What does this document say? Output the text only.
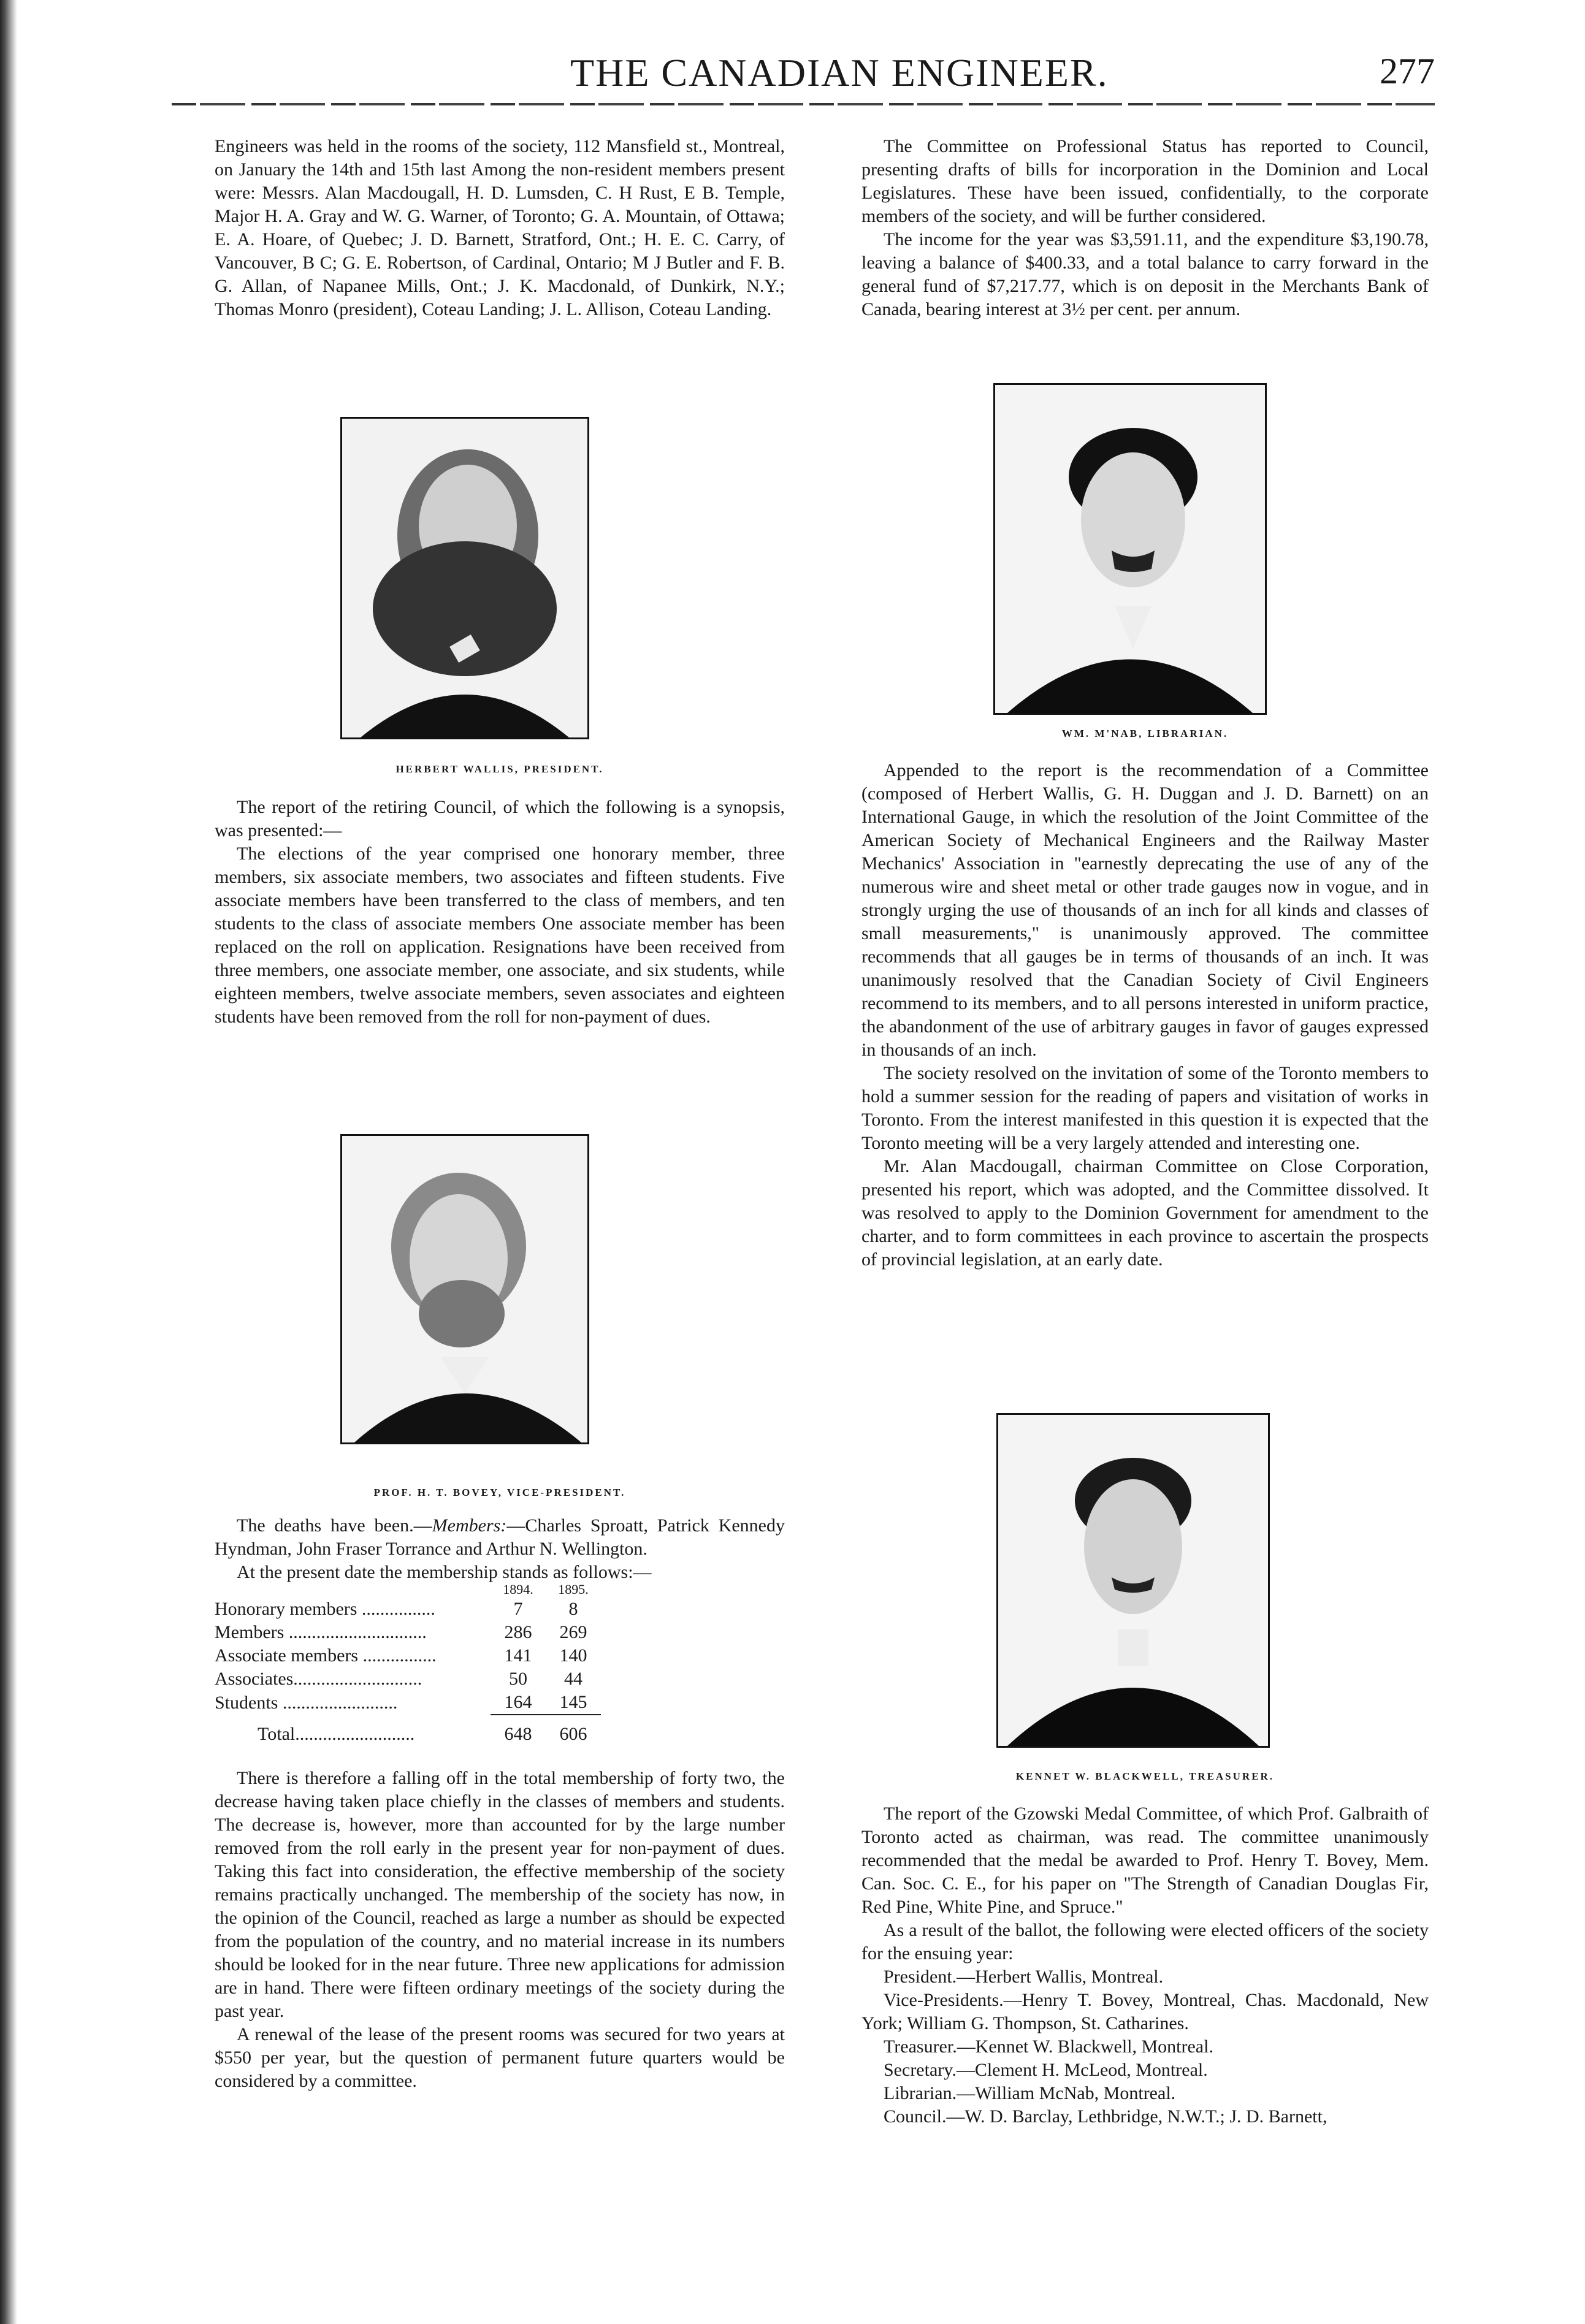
THE CANADIAN ENGINEER.	277

Engineers was held in the rooms of the society, 112 Mansfield st., Montreal, on January the 14th and 15th last Among the non-resident members present were: Messrs. Alan Macdougall, H. D. Lumsden, C. H Rust, E B. Temple, Major H. A. Gray and W. G. Warner, of Toronto; G. A. Mountain, of Ottawa; E. A. Hoare, of Quebec; J. D. Barnett, Stratford, Ont.; H. E. C. Carry, of Vancouver, B C; G. E. Robertson, of Cardinal, Ontario; M J Butler and F. B. G. Allan, of Napanee Mills, Ont.; J. K. Macdonald, of Dunkirk, N.Y.; Thomas Monro (president), Coteau Landing; J. L. Allison, Coteau Landing.

HERBERT WALLIS, PRESIDENT.

The report of the retiring Council, of which the following is a synopsis, was presented:—

The elections of the year comprised one honorary member, three members, six associate members, two associates and fifteen students. Five associate members have been transferred to the class of members, and ten students to the class of associate members One associate member has been replaced on the roll on application. Resignations have been received from three members, one associate member, one associate, and six students, while eighteen members, twelve associate members, seven associates and eighteen students have been removed from the roll for non-payment of dues.

PROF. H. T. BOVEY, VICE-PRESIDENT.

The deaths have been.—Members:—Charles Sproatt, Patrick Kennedy Hyndman, John Fraser Torrance and Arthur N. Wellington.

At the present date the membership stands as follows:—

	1894.	1895.	
Honorary members ................	7	8	
Members ..............................	286	269	
Associate members ................	141	140	
Associates............................	50	44	
Students .........................	164	145	
Total..........................	648	606	

There is therefore a falling off in the total membership of forty two, the decrease having taken place chiefly in the classes of members and students. The decrease is, however, more than accounted for by the large number removed from the roll early in the present year for non-payment of dues. Taking this fact into consideration, the effective membership of the society remains practically unchanged. The membership of the society has now, in the opinion of the Council, reached as large a number as should be expected from the population of the country, and no material increase in its numbers should be looked for in the near future. Three new applications for admission are in hand. There were fifteen ordinary meetings of the society during the past year.

A renewal of the lease of the present rooms was secured for two years at $550 per year, but the question of permanent future quarters would be considered by a committee.

The Committee on Professional Status has reported to Council, presenting drafts of bills for incorporation in the Dominion and Local Legislatures. These have been issued, confidentially, to the corporate members of the society, and will be further considered.

The income for the year was $3,591.11, and the expenditure $3,190.78, leaving a balance of $400.33, and a total balance to carry forward in the general fund of $7,217.77, which is on deposit in the Merchants Bank of Canada, bearing interest at 3½ per cent. per annum.

WM. M'NAB, LIBRARIAN.

Appended to the report is the recommendation of a Committee (composed of Herbert Wallis, G. H. Duggan and J. D. Barnett) on an International Gauge, in which the resolution of the Joint Committee of the American Society of Mechanical Engineers and the Railway Master Mechanics' Association in "earnestly deprecating the use of any of the numerous wire and sheet metal or other trade gauges now in vogue, and in strongly urging the use of thousands of an inch for all kinds and classes of small measurements," is unanimously approved. The committee recommends that all gauges be in terms of thousands of an inch. It was unanimously resolved that the Canadian Society of Civil Engineers recommend to its members, and to all persons interested in uniform practice, the abandonment of the use of arbitrary gauges in favor of gauges expressed in thousands of an inch.

The society resolved on the invitation of some of the Toronto members to hold a summer session for the reading of papers and visitation of works in Toronto. From the interest manifested in this question it is expected that the Toronto meeting will be a very largely attended and interesting one.

Mr. Alan Macdougall, chairman Committee on Close Corporation, presented his report, which was adopted, and the Committee dissolved. It was resolved to apply to the Dominion Government for amendment to the charter, and to form committees in each province to ascertain the prospects of provincial legislation, at an early date.

KENNET W. BLACKWELL, TREASURER.

The report of the Gzowski Medal Committee, of which Prof. Galbraith of Toronto acted as chairman, was read. The committee unanimously recommended that the medal be awarded to Prof. Henry T. Bovey, Mem. Can. Soc. C. E., for his paper on "The Strength of Canadian Douglas Fir, Red Pine, White Pine, and Spruce."

As a result of the ballot, the following were elected officers of the society for the ensuing year:

President.—Herbert Wallis, Montreal.

Vice-Presidents.—Henry T. Bovey, Montreal, Chas. Macdonald, New York; William G. Thompson, St. Catharines.

Treasurer.—Kennet W. Blackwell, Montreal.

Secretary.—Clement H. McLeod, Montreal.

Librarian.—William McNab, Montreal.

Council.—W. D. Barclay, Lethbridge, N.W.T.; J. D. Barnett,
